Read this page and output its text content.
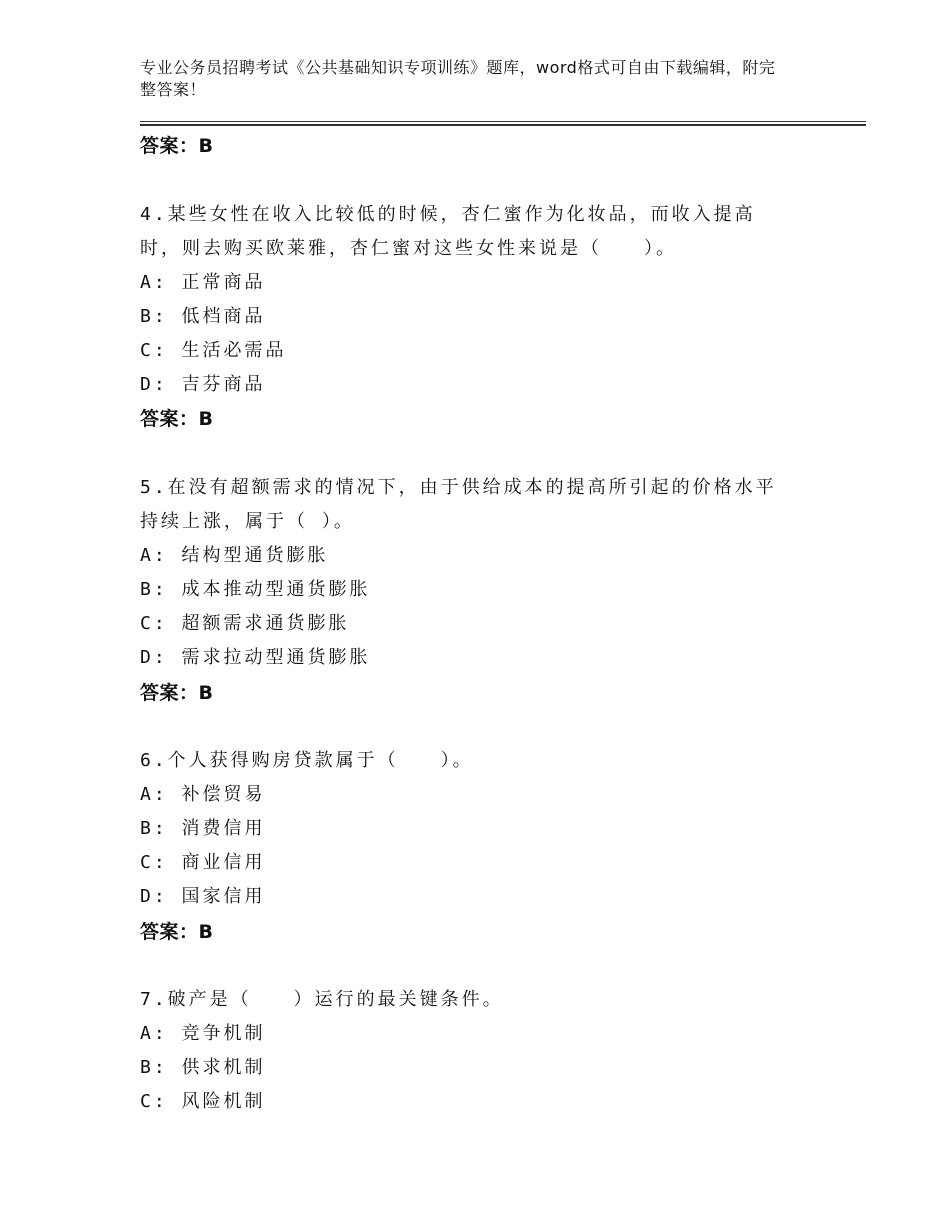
专业公务员招聘考试《公共基础知识专项训练》题库，word格式可自由下载编辑，附完整答案！
答案：B
4.某些女性在收入比较低的时候，杏仁蜜作为化妆品，而收入提高
时，则去购买欧莱雅，杏仁蜜对这些女性来说是（　　）。
A: 正常商品
B: 低档商品
C: 生活必需品
D: 吉芬商品
答案：B
5.在没有超额需求的情况下，由于供给成本的提高所引起的价格水平
持续上涨，属于（ ）。
A: 结构型通货膨胀
B: 成本推动型通货膨胀
C: 超额需求通货膨胀
D: 需求拉动型通货膨胀
答案：B
6.个人获得购房贷款属于（　　）。
A: 补偿贸易
B: 消费信用
C: 商业信用
D: 国家信用
答案：B
7.破产是（　　）运行的最关键条件。
A: 竞争机制
B: 供求机制
C: 风险机制
